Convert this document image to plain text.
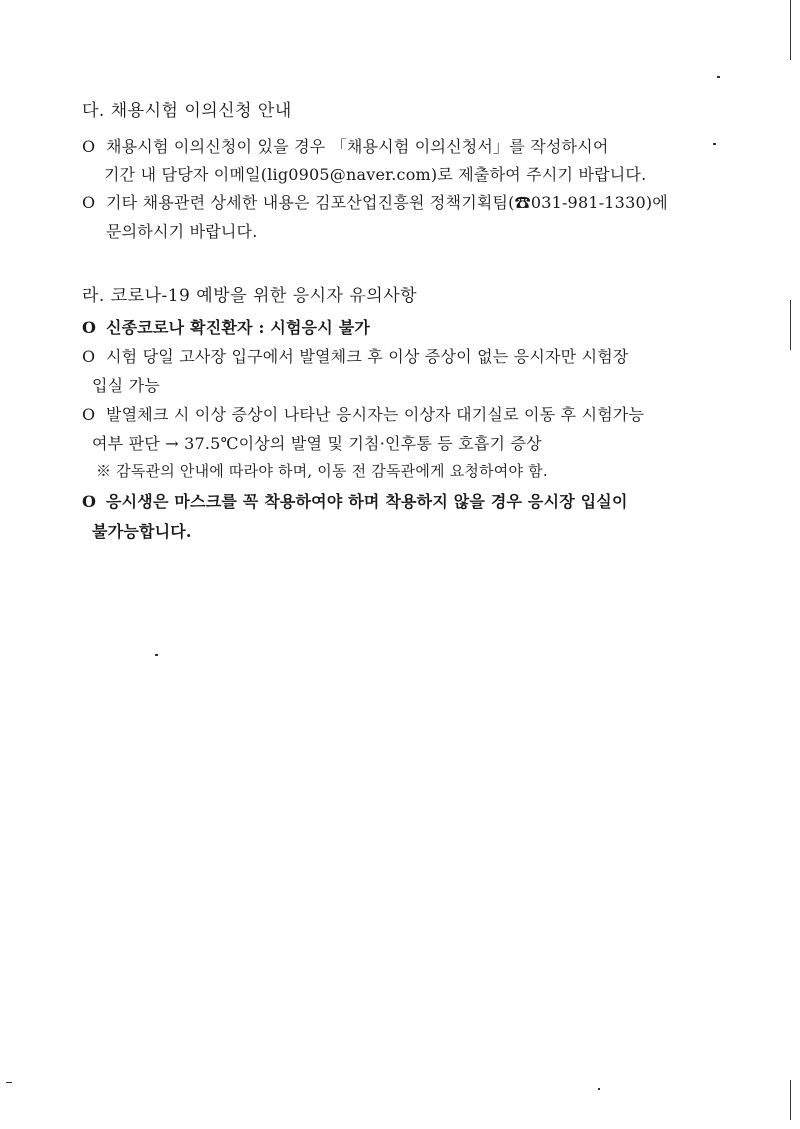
다. 채용시험 이의신청 안내
O 채용시험 이의신청이 있을 경우 「채용시험 이의신청서」를 작성하시어
기간 내 담당자 이메일(lig0905@naver.com)로 제출하여 주시기 바랍니다.
O 기타 채용관련 상세한 내용은 김포산업진흥원 정책기획팀(☎031-981-1330)에
문의하시기 바랍니다.
라. 코로나-19 예방을 위한 응시자 유의사항
O 신종코로나 확진환자 : 시험응시 불가
O 시험 당일 고사장 입구에서 발열체크 후 이상 증상이 없는 응시자만 시험장
입실 가능
O 발열체크 시 이상 증상이 나타난 응시자는 이상자 대기실로 이동 후 시험가능
여부 판단 → 37.5℃이상의 발열 및 기침·인후통 등 호흡기 증상
※ 감독관의 안내에 따라야 하며, 이동 전 감독관에게 요청하여야 함.
O 응시생은 마스크를 꼭 착용하여야 하며 착용하지 않을 경우 응시장 입실이
불가능합니다.
